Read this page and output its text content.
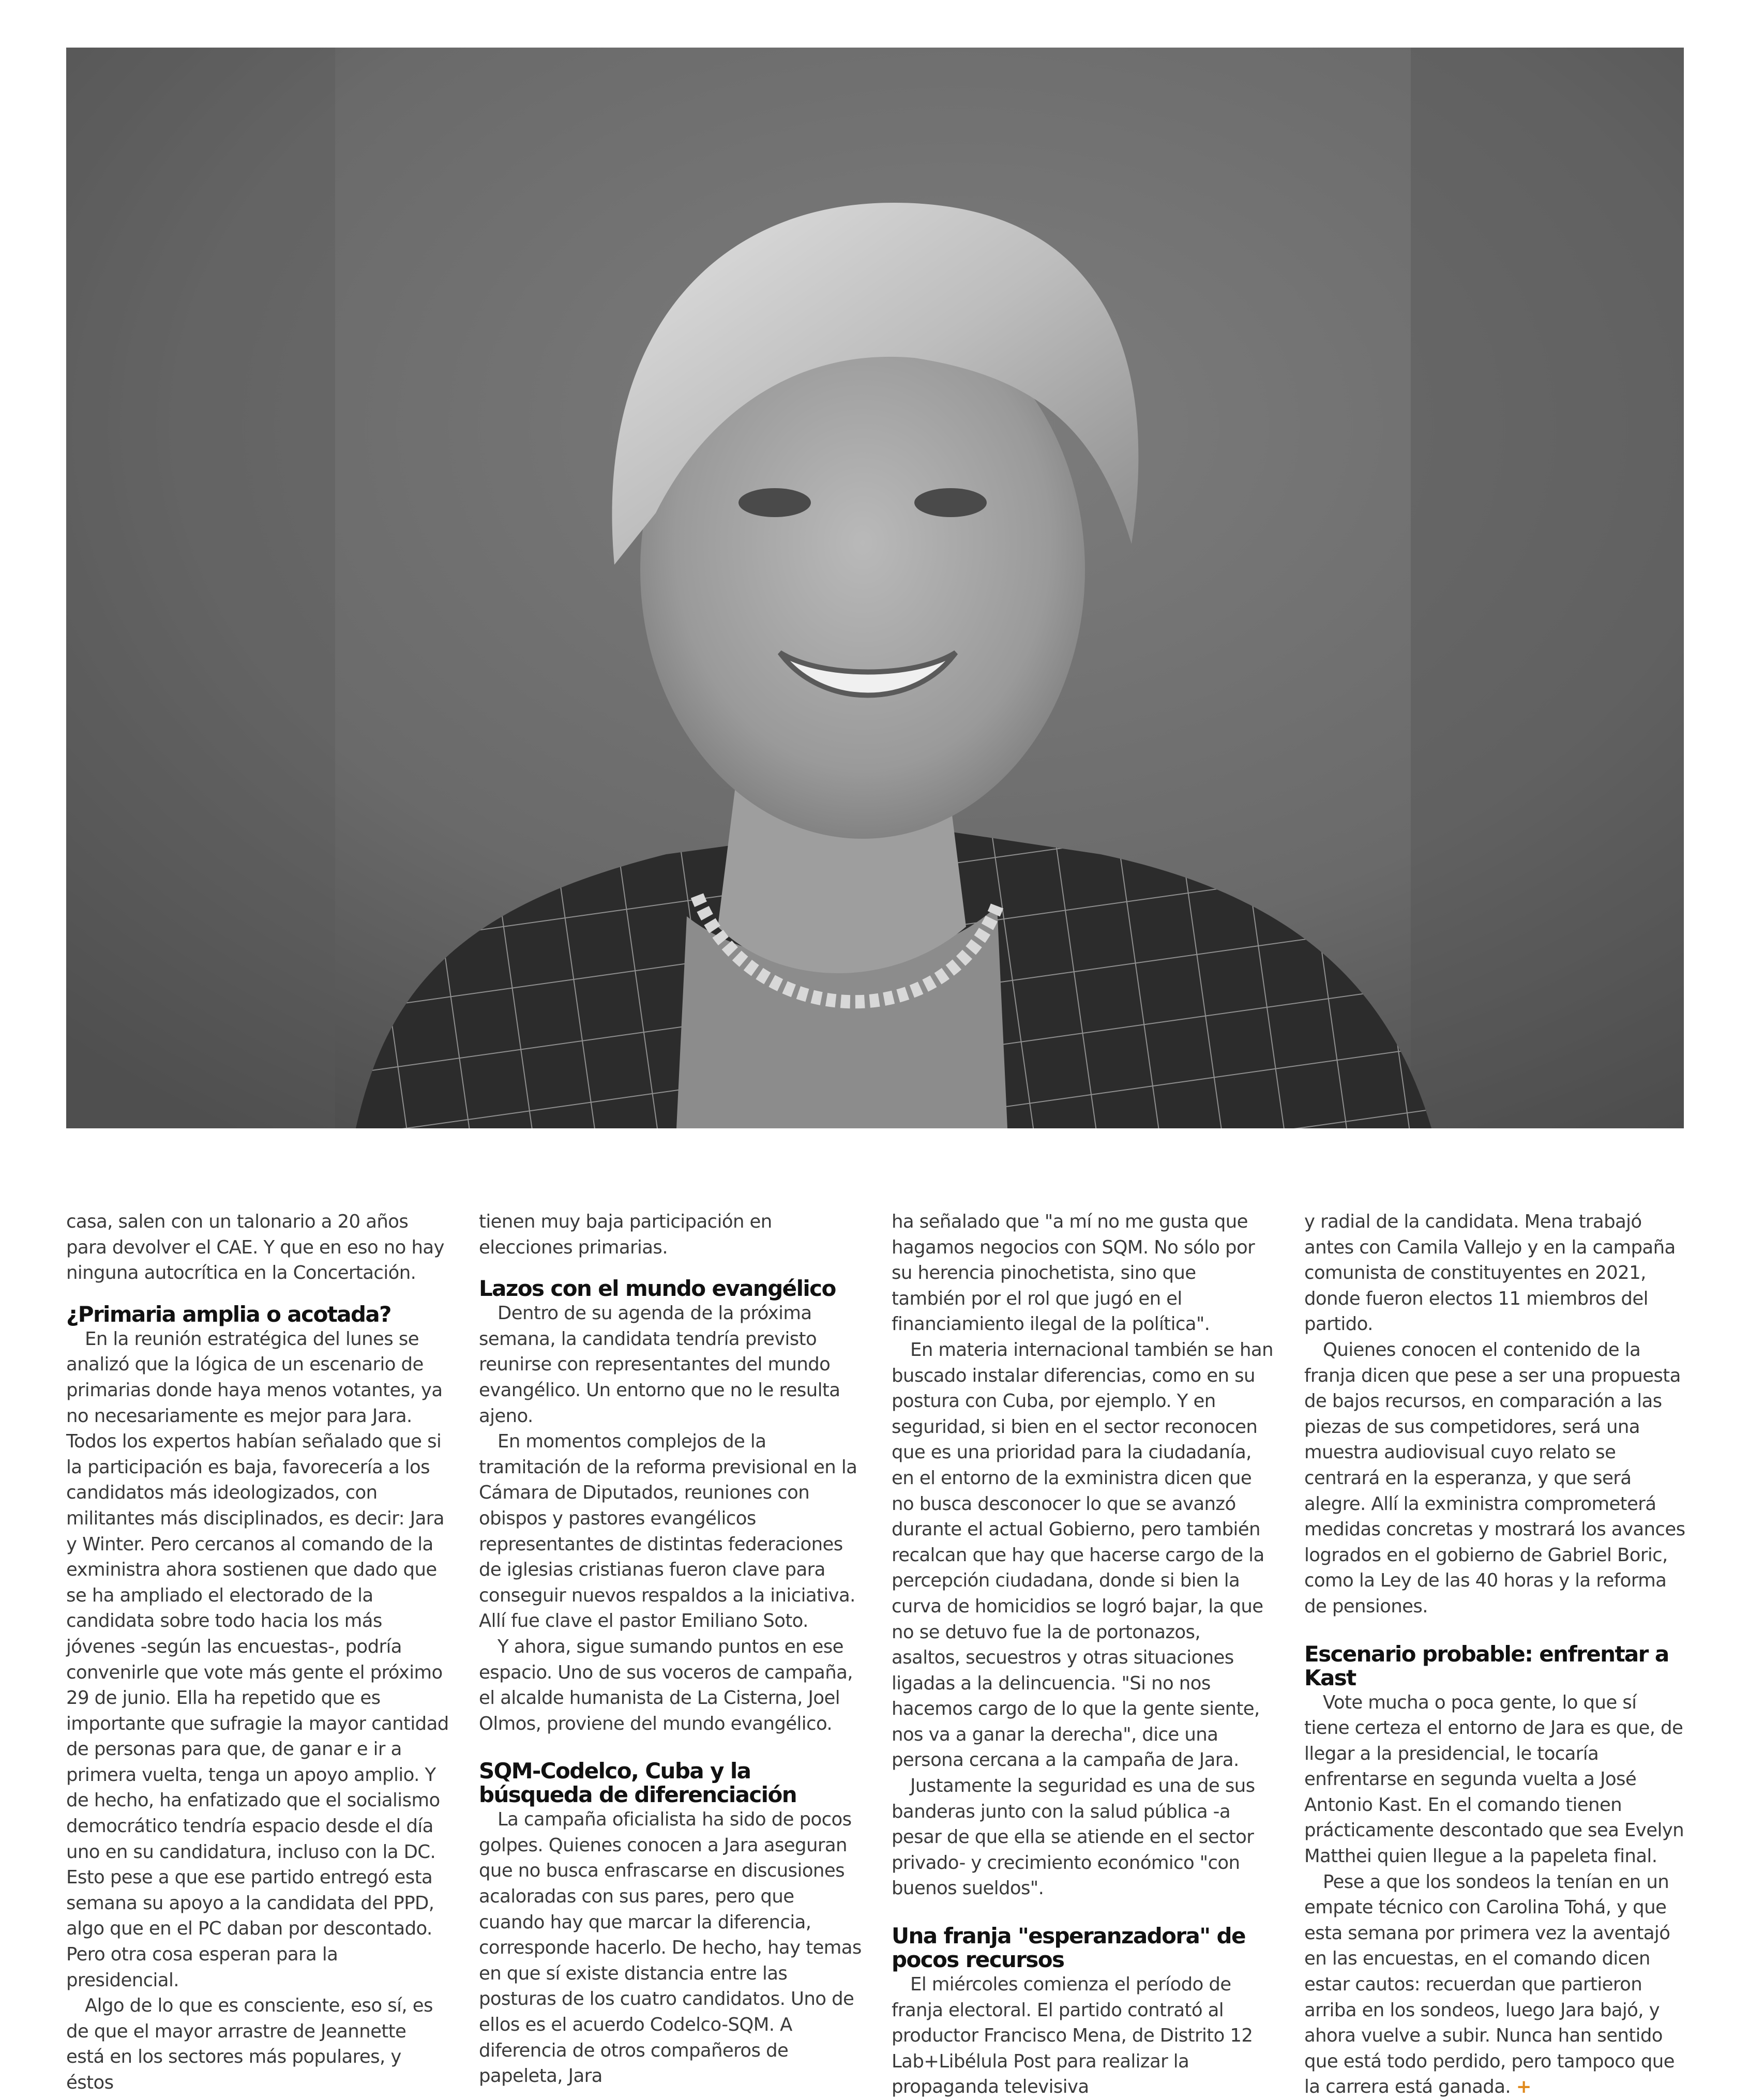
casa, salen con un talonario a 20 años para devolver el CAE. Y que en eso no hay ninguna autocrítica en la Concertación.

¿Primaria amplia o acotada?

En la reunión estratégica del lunes se analizó que la lógica de un escenario de primarias donde haya menos votantes, ya no necesariamente es mejor para Jara. Todos los expertos habían señalado que si la participación es baja, favorecería a los candidatos más ideologizados, con militantes más disciplinados, es decir: Jara y Winter. Pero cercanos al comando de la exministra ahora sostienen que dado que se ha ampliado el electorado de la candidata sobre todo hacia los más jóvenes -según las encuestas-, podría convenirle que vote más gente el próximo 29 de junio. Ella ha repetido que es importante que sufragie la mayor cantidad de personas para que, de ganar e ir a primera vuelta, tenga un apoyo amplio. Y de hecho, ha enfatizado que el socialismo democrático tendría espacio desde el día uno en su candidatura, incluso con la DC. Esto pese a que ese partido entregó esta semana su apoyo a la candidata del PPD, algo que en el PC daban por descontado. Pero otra cosa esperan para la presidencial.

Algo de lo que es consciente, eso sí, es de que el mayor arrastre de Jeannette está en los sectores más populares, y éstos

tienen muy baja participación en elecciones primarias.

Lazos con el mundo evangélico

Dentro de su agenda de la próxima semana, la candidata tendría previsto reunirse con representantes del mundo evangélico. Un entorno que no le resulta ajeno.

En momentos complejos de la tramitación de la reforma previsional en la Cámara de Diputados, reuniones con obispos y pastores evangélicos representantes de distintas federaciones de iglesias cristianas fueron clave para conseguir nuevos respaldos a la iniciativa. Allí fue clave el pastor Emiliano Soto.

Y ahora, sigue sumando puntos en ese espacio. Uno de sus voceros de campaña, el alcalde humanista de La Cisterna, Joel Olmos, proviene del mundo evangélico.

SQM-Codelco, Cuba y la búsqueda de diferenciación

La campaña oficialista ha sido de pocos golpes. Quienes conocen a Jara aseguran que no busca enfrascarse en discusiones acaloradas con sus pares, pero que cuando hay que marcar la diferencia, corresponde hacerlo. De hecho, hay temas en que sí existe distancia entre las posturas de los cuatro candidatos. Uno de ellos es el acuerdo Codelco-SQM. A diferencia de otros compañeros de papeleta, Jara

ha señalado que "a mí no me gusta que hagamos negocios con SQM. No sólo por su herencia pinochetista, sino que también por el rol que jugó en el financiamiento ilegal de la política".

En materia internacional también se han buscado instalar diferencias, como en su postura con Cuba, por ejemplo. Y en seguridad, si bien en el sector reconocen que es una prioridad para la ciudadanía, en el entorno de la exministra dicen que no busca desconocer lo que se avanzó durante el actual Gobierno, pero también recalcan que hay que hacerse cargo de la percepción ciudadana, donde si bien la curva de homicidios se logró bajar, la que no se detuvo fue la de portonazos, asaltos, secuestros y otras situaciones ligadas a la delincuencia. "Si no nos hacemos cargo de lo que la gente siente, nos va a ganar la derecha", dice una persona cercana a la campaña de Jara.

Justamente la seguridad es una de sus banderas junto con la salud pública -a pesar de que ella se atiende en el sector privado- y crecimiento económico "con buenos sueldos".

Una franja "esperanzadora" de pocos recursos

El miércoles comienza el período de franja electoral. El partido contrató al productor Francisco Mena, de Distrito 12 Lab+Libélula Post para realizar la propaganda televisiva

y radial de la candidata. Mena trabajó antes con Camila Vallejo y en la campaña comunista de constituyentes en 2021, donde fueron electos 11 miembros del partido.

Quienes conocen el contenido de la franja dicen que pese a ser una propuesta de bajos recursos, en comparación a las piezas de sus competidores, será una muestra audiovisual cuyo relato se centrará en la esperanza, y que será alegre. Allí la exministra comprometerá medidas concretas y mostrará los avances logrados en el gobierno de Gabriel Boric, como la Ley de las 40 horas y la reforma de pensiones.

Escenario probable: enfrentar a Kast

Vote mucha o poca gente, lo que sí tiene certeza el entorno de Jara es que, de llegar a la presidencial, le tocaría enfrentarse en segunda vuelta a José Antonio Kast. En el comando tienen prácticamente descontado que sea Evelyn Matthei quien llegue a la papeleta final.

Pese a que los sondeos la tenían en un empate técnico con Carolina Tohá, y que esta semana por primera vez la aventajó en las encuestas, en el comando dicen estar cautos: recuerdan que partieron arriba en los sondeos, luego Jara bajó, y ahora vuelve a subir. Nunca han sentido que está todo perdido, pero tampoco que la carrera está ganada. +
